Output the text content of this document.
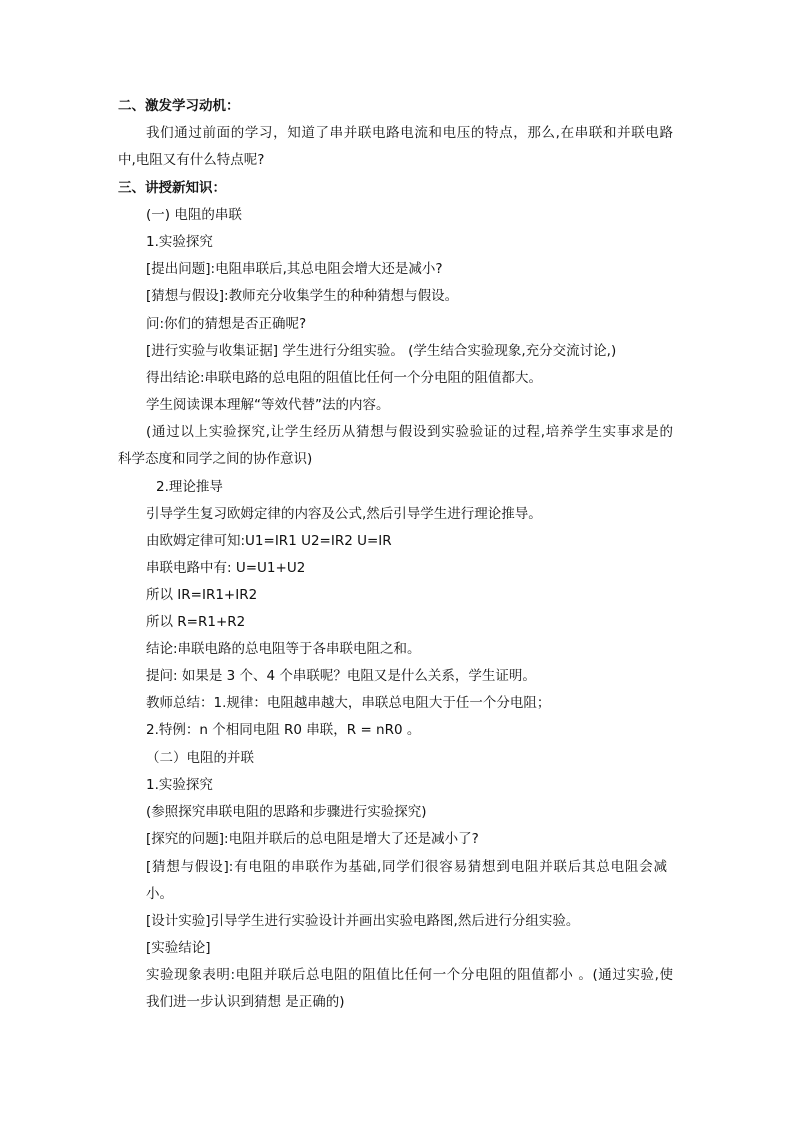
二、激发学习动机：
我们通过前面的学习，知道了串并联电路电流和电压的特点，那么,在串联和并联电路
中,电阻又有什么特点呢?
三、讲授新知识：
(一) 电阻的串联
1.实验探究
[提出问题]:电阻串联后,其总电阻会增大还是减小?
[猜想与假设]:教师充分收集学生的种种猜想与假设。
问:你们的猜想是否正确呢?
[进行实验与收集证据] 学生进行分组实验。 (学生结合实验现象,充分交流讨论,)
得出结论:串联电路的总电阻的阻值比任何一个分电阻的阻值都大。
学生阅读课本理解“等效代替”法的内容。
(通过以上实验探究,让学生经历从猜想与假设到实验验证的过程,培养学生实事求是的
科学态度和同学之间的协作意识)
2.理论推导
引导学生复习欧姆定律的内容及公式,然后引导学生进行理论推导。
由欧姆定律可知:U1=IR1 U2=IR2 U=IR
串联电路中有: U=U1+U2
所以 IR=IR1+IR2
所以 R=R1+R2
结论:串联电路的总电阻等于各串联电阻之和。
提问: 如果是 3 个、4 个串联呢？电阻又是什么关系，学生证明。
教师总结：1.规律：电阻越串越大，串联总电阻大于任一个分电阻；
2.特例：n 个相同电阻 R0 串联，R = nR0 。
（二）电阻的并联
1.实验探究
(参照探究串联电阻的思路和步骤进行实验探究)
[探究的问题]:电阻并联后的总电阻是增大了还是减小了?
[猜想与假设]:有电阻的串联作为基础,同学们很容易猜想到电阻并联后其总电阻会减
小。
[设计实验]引导学生进行实验设计并画出实验电路图,然后进行分组实验。
[实验结论]
实验现象表明:电阻并联后总电阻的阻值比任何一个分电阻的阻值都小 。(通过实验,使
我们进一步认识到猜想 是正确的)
